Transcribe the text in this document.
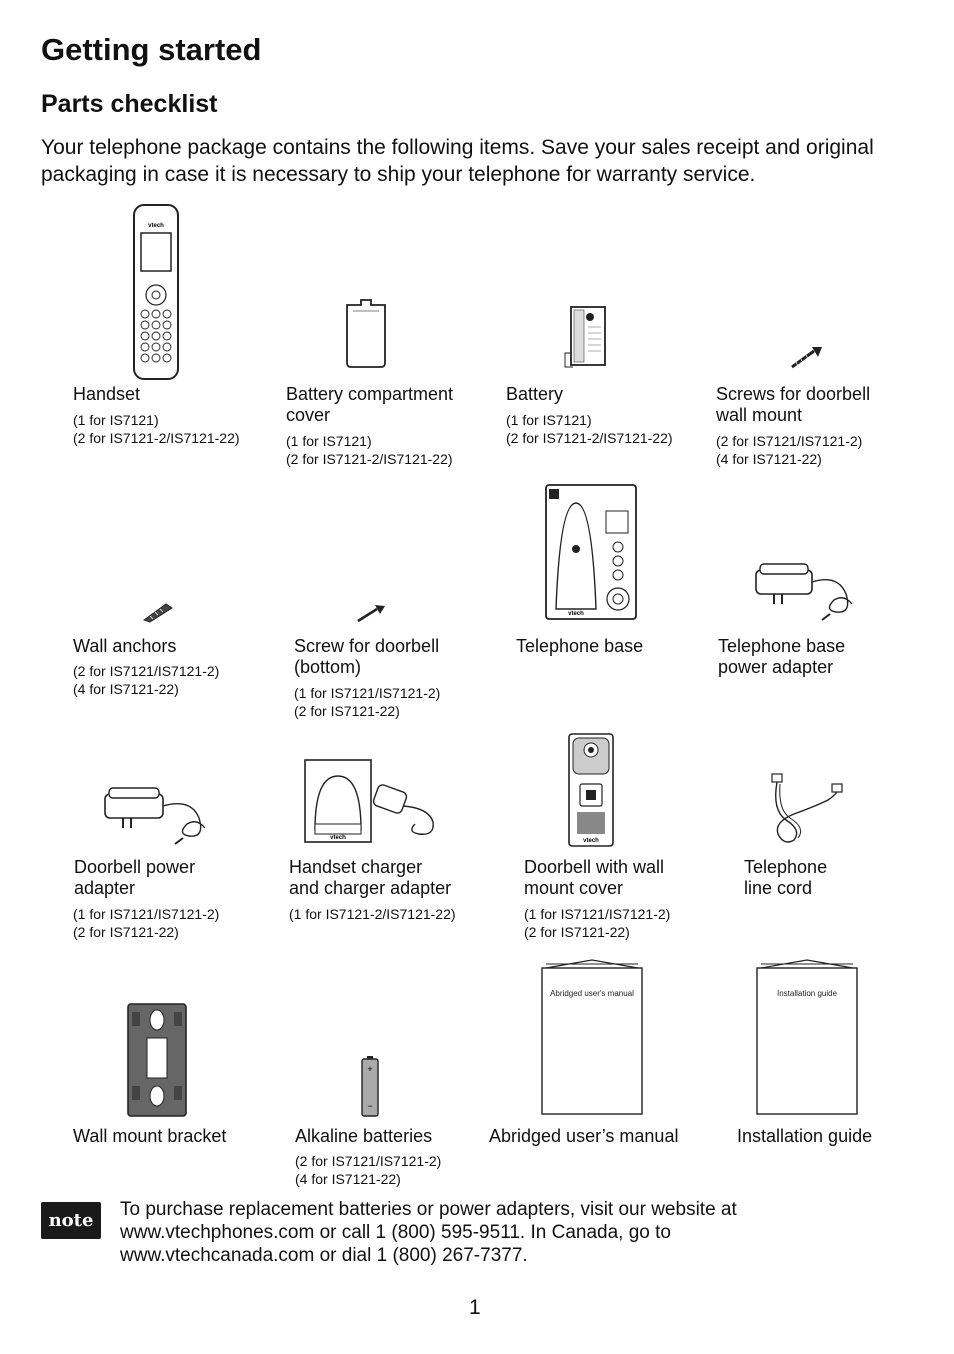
Getting started
Parts checklist

Your telephone package contains the following items. Save your sales receipt and original packaging in case it is necessary to ship your telephone for warranty service.

vtech

Handset

(1 for IS7121)
(2 for IS7121-2/IS7121-22)

Battery compartment
cover

(1 for IS7121)
(2 for IS7121-2/IS7121-22)

Battery

(1 for IS7121)
(2 for IS7121-2/IS7121-22)

Screws for doorbell
wall mount

(2 for IS7121/IS7121-2)
(4 for IS7121-22)

Wall anchors

(2 for IS7121/IS7121-2)
(4 for IS7121-22)

Screw for doorbell
(bottom)

(1 for IS7121/IS7121-2)
(2 for IS7121-22)

vtech

Telephone base	Telephone base
power adapter

Doorbell power
adapter

(1 for IS7121/IS7121-2)
(2 for IS7121-22)

vtech

Handset charger
and charger adapter

(1 for IS7121-2/IS7121-22)

vtech

Doorbell with wall
mount cover

(1 for IS7121/IS7121-2)
(2 for IS7121-22)

Telephone
line cord

Wall mount bracket

+
−

Alkaline batteries

(2 for IS7121/IS7121-2)
(4 for IS7121-22)

Abridged user's manual

Abridged user’s manual

Installation guide

Installation guide

note

To purchase replacement batteries or power adapters, visit our website at
www.vtechphones.com or call 1 (800) 595-9511. In Canada, go to
www.vtechcanada.com or dial 1 (800) 267-7377.

1
